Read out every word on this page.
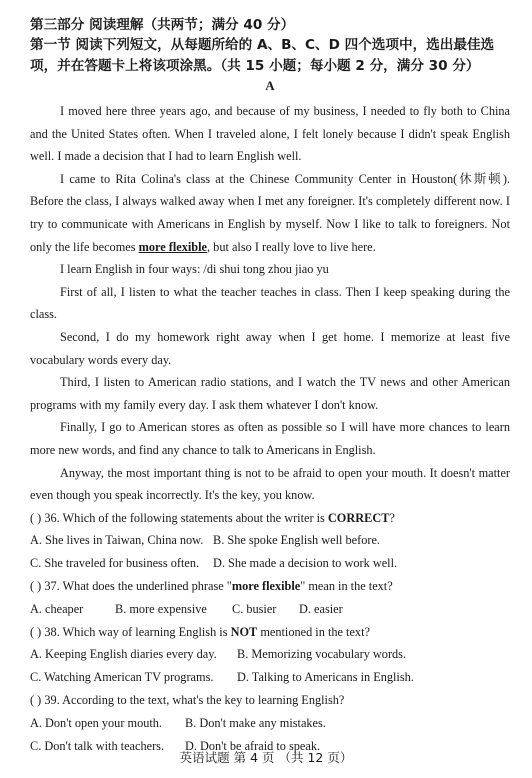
第三部分 阅读理解（共两节；满分 40 分）

第一节 阅读下列短文，从每题所给的 A、B、C、D 四个选项中，选出最佳选项，并在答题卡上将该项涂黑。（共 15 小题；每小题 2 分，满分 30 分）

A

I moved here three years ago, and because of my business, I needed to fly both to China and the United States often. When I traveled alone, I felt lonely because I didn't speak English well. I made a decision that I had to learn English well.

I came to Rita Colina's class at the Chinese Community Center in Houston(休斯顿). Before the class, I always walked away when I met any foreigner. It's completely different now. I try to communicate with Americans in English by myself. Now I like to talk to foreigners. Not only the life becomes more flexible, but also I really love to live here.

I learn English in four ways: /di shui tong zhou jiao yu

First of all, I listen to what the teacher teaches in class. Then I keep speaking during the class.

Second, I do my homework right away when I get home. I memorize at least five vocabulary words every day.

Third, I listen to American radio stations, and I watch the TV news and other American programs with my family every day. I ask them whatever I don't know.

Finally, I go to American stores as often as possible so I will have more chances to learn more new words, and find any chance to talk to Americans in English.

Anyway, the most important thing is not to be afraid to open your mouth. It doesn't matter even though you speak incorrectly. It's the key, you know.

( ) 36. Which of the following statements about the writer is CORRECT?

A. She lives in Taiwan, China now. B. She spoke English well before.
C. She traveled for business often. D. She made a decision to work well.

( ) 37. What does the underlined phrase "more flexible" mean in the text?

A. cheaper	B. more expensive C. busier D. easier

( ) 38. Which way of learning English is NOT mentioned in the text?

A. Keeping English diaries every day. B. Memorizing vocabulary words.
C. Watching American TV programs. D. Talking to Americans in English.

( ) 39. According to the text, what's the key to learning English?

A. Don't open your mouth. B. Don't make any mistakes.
C. Don't talk with teachers. D. Don't be afraid to speak.
英语试题 第 4 页 （共 12 页）
